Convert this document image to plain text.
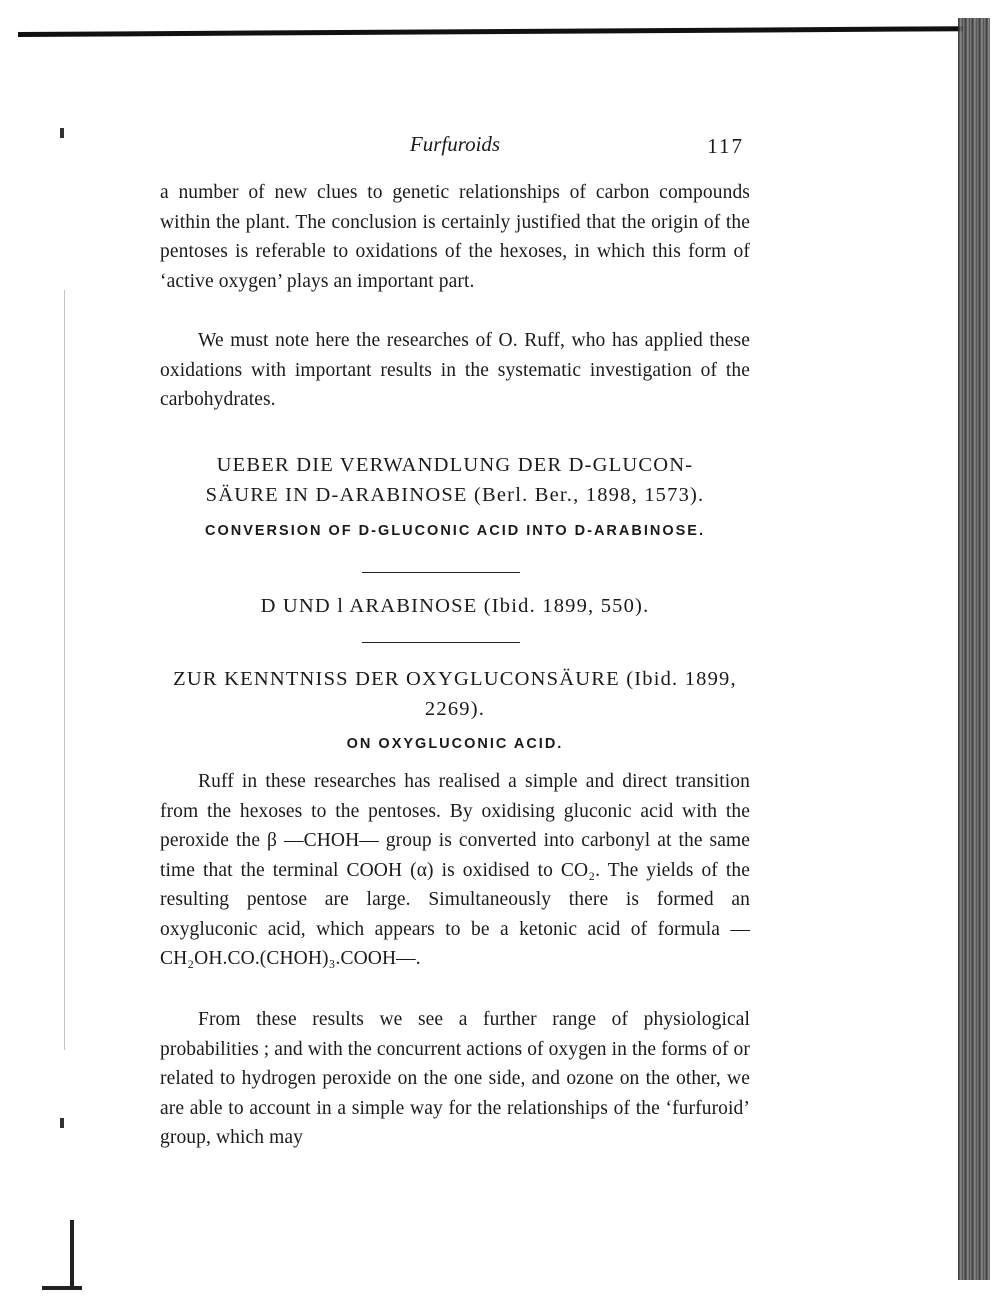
Furfuroids	117

a number of new clues to genetic relationships of carbon compounds within the plant. The conclusion is certainly justified that the origin of the pentoses is referable to oxidations of the hexoses, in which this form of ‘active oxygen’ plays an important part.

We must note here the researches of O. Ruff, who has applied these oxidations with important results in the systematic investigation of the carbohydrates.

UEBER DIE VERWANDLUNG DER D-GLUCON-
SÄURE IN D-ARABINOSE (Berl. Ber., 1898, 1573).
CONVERSION OF D-GLUCONIC ACID INTO D-ARABINOSE.
D UND l ARABINOSE (Ibid. 1899, 550).
ZUR KENNTNISS DER OXYGLUCONSÄURE (Ibid. 1899,
2269).
ON OXYGLUCONIC ACID.

Ruff in these researches has realised a simple and direct transition from the hexoses to the pentoses. By oxidising gluconic acid with the peroxide the β —CHOH— group is converted into carbonyl at the same time that the terminal COOH (α) is oxidised to CO₂. The yields of the resulting pentose are large. Simultaneously there is formed an oxygluconic acid, which appears to be a ketonic acid of formula —CH₂OH.CO.(CHOH)₃.COOH—.

From these results we see a further range of physiological probabilities ; and with the concurrent actions of oxygen in the forms of or related to hydrogen peroxide on the one side, and ozone on the other, we are able to account in a simple way for the relationships of the ‘furfuroid’ group, which may
